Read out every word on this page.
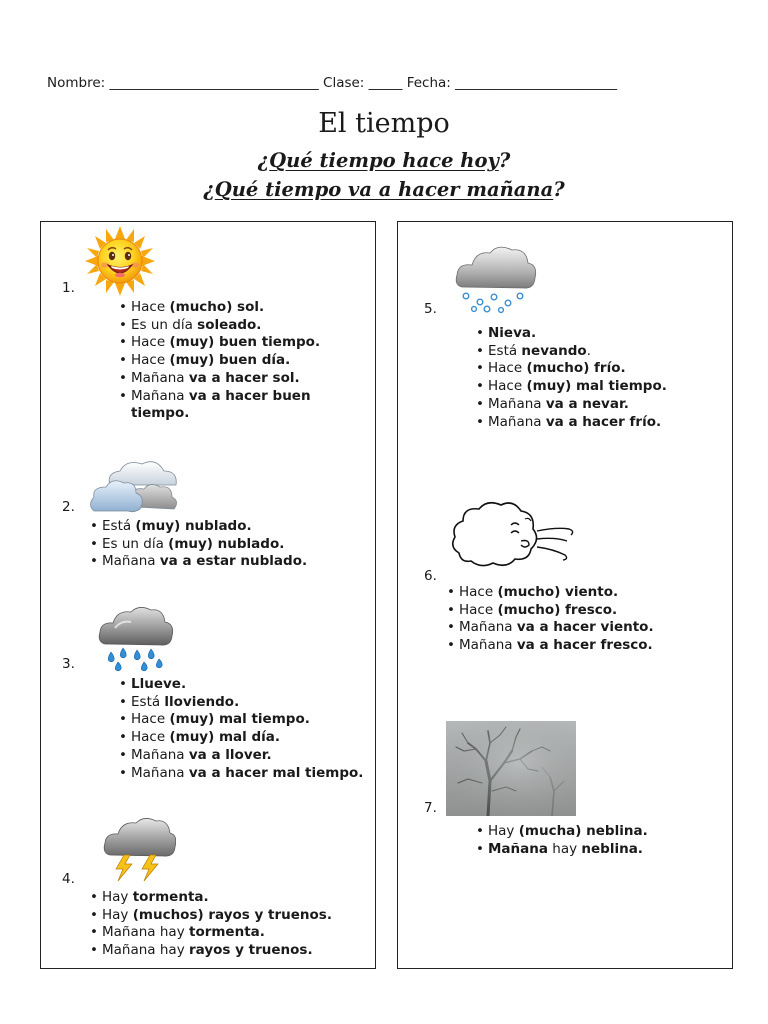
Nombre: _______________________________ Clase: _____ Fecha: ________________________
El tiempo
¿Qué tiempo hace hoy?
¿Qué tiempo va a hacer mañana?
1.
• Hace (mucho) sol.
• Es un día soleado.
• Hace (muy) buen tiempo.
• Hace (muy) buen día.
• Mañana va a hacer sol.
• Mañana va a hacer buen tiempo.
2.
• Está (muy) nublado.
• Es un día (muy) nublado.
• Mañana va a estar nublado.
3.
• Llueve.
• Está lloviendo.
• Hace (muy) mal tiempo.
• Hace (muy) mal día.
• Mañana va a llover.
• Mañana va a hacer mal tiempo.
4.
• Hay tormenta.
• Hay (muchos) rayos y truenos.
• Mañana hay tormenta.
• Mañana hay rayos y truenos.
5.
• Nieva.
• Está nevando.
• Hace (mucho) frío.
• Hace (muy) mal tiempo.
• Mañana va a nevar.
• Mañana va a hacer frío.
6.
• Hace (mucho) viento.
• Hace (mucho) fresco.
• Mañana va a hacer viento.
• Mañana va a hacer fresco.
7.
• Hay (mucha) neblina.
• Mañana hay neblina.
